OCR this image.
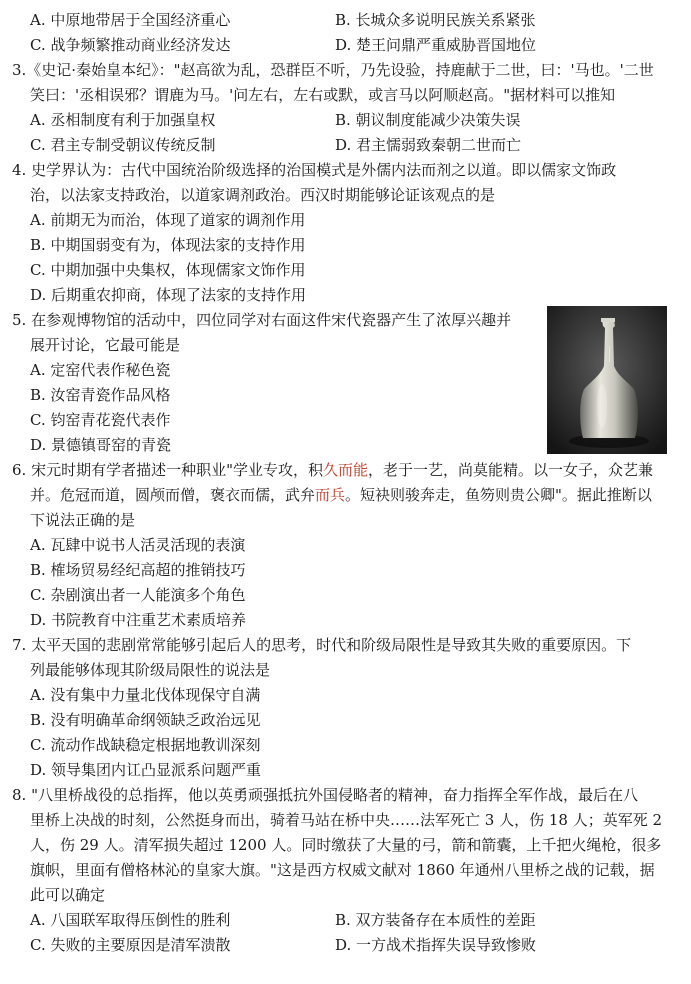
A. 中原地带居于全国经济重心	B. 长城众多说明民族关系紧张
C. 战争频繁推动商业经济发达	D. 楚王问鼎严重威胁晋国地位
3.《史记·秦始皇本纪》："赵高欲为乱，恐群臣不听，乃先设验，持鹿献于二世，曰：'马也。'二世
笑曰：'丞相误邪？谓鹿为马。'问左右，左右或默，或言马以阿顺赵高。"据材料可以推知
A. 丞相制度有利于加强皇权	B. 朝议制度能减少决策失误
C. 君主专制受朝议传统反制	D. 君主懦弱致秦朝二世而亡
4. 史学界认为：古代中国统治阶级选择的治国模式是外儒内法而剂之以道。即以儒家文饰政
治，以法家支持政治，以道家调剂政治。西汉时期能够论证该观点的是
A. 前期无为而治，体现了道家的调剂作用
B. 中期国弱变有为，体现法家的支持作用
C. 中期加强中央集权，体现儒家文饰作用
D. 后期重农抑商，体现了法家的支持作用
5. 在参观博物馆的活动中，四位同学对右面这件宋代瓷器产生了浓厚兴趣并
展开讨论，它最可能是
A. 定窑代表作秘色瓷
B. 汝窑青瓷作品风格
C. 钧窑青花瓷代表作
D. 景德镇哥窑的青瓷
6. 宋元时期有学者描述一种职业"学业专攻，积久而能，老于一艺，尚莫能精。以一女子，众艺兼
并。危冠而道，圆颅而僧，褒衣而儒，武弁而兵。短袂则骏奔走，鱼笏则贵公卿"。据此推断以
下说法正确的是
A. 瓦肆中说书人活灵活现的表演
B. 榷场贸易经纪高超的推销技巧
C. 杂剧演出者一人能演多个角色
D. 书院教育中注重艺术素质培养
7. 太平天国的悲剧常常能够引起后人的思考，时代和阶级局限性是导致其失败的重要原因。下
列最能够体现其阶级局限性的说法是
A. 没有集中力量北伐体现保守自满
B. 没有明确革命纲领缺乏政治远见
C. 流动作战缺稳定根据地教训深刻
D. 领导集团内讧凸显派系问题严重
8. "八里桥战役的总指挥，他以英勇顽强抵抗外国侵略者的精神，奋力指挥全军作战，最后在八
里桥上决战的时刻，公然挺身而出，骑着马站在桥中央……法军死亡 3 人，伤 18 人；英军死 2
人，伤 29 人。清军损失超过 1200 人。同时缴获了大量的弓，箭和箭囊，上千把火绳枪，很多
旗帜，里面有僧格林沁的皇家大旗。"这是西方权威文献对 1860 年通州八里桥之战的记载，据
此可以确定
A. 八国联军取得压倒性的胜利	B. 双方装备存在本质性的差距
C. 失败的主要原因是清军溃散	D. 一方战术指挥失误导致惨败
